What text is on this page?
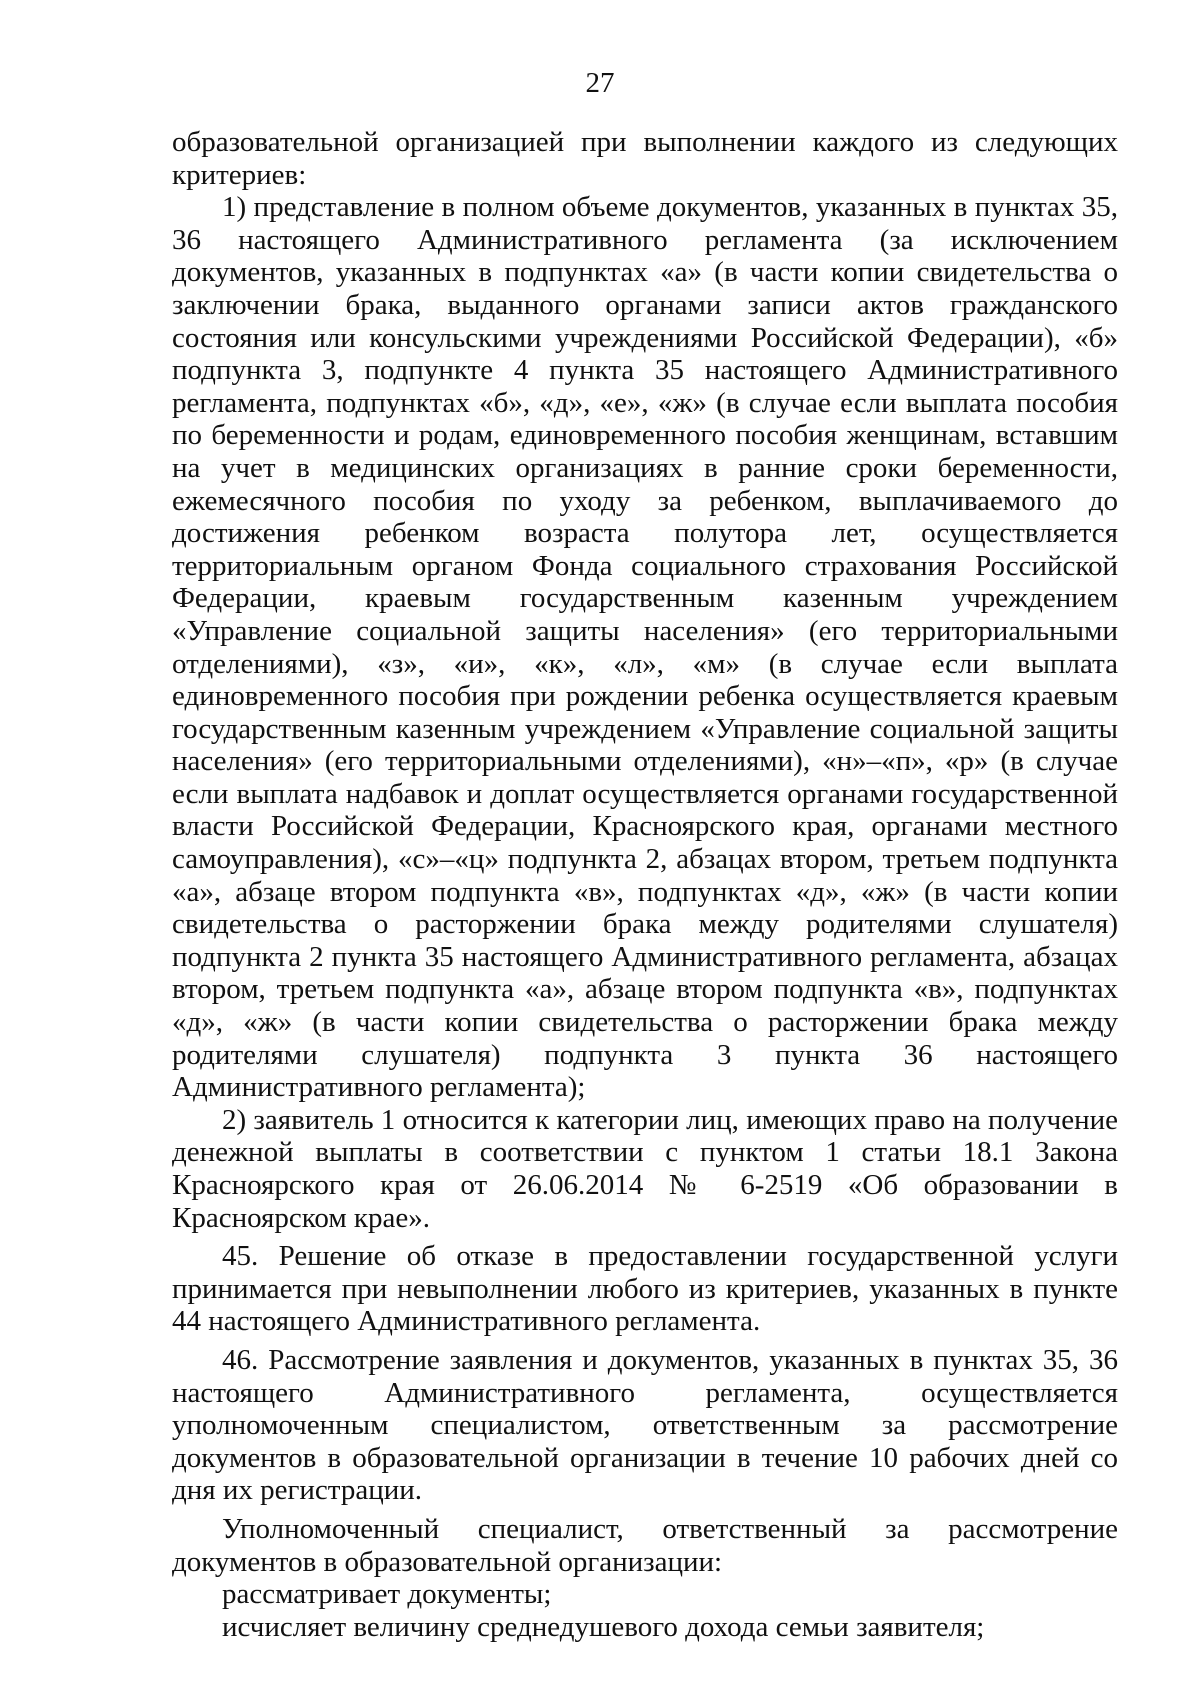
27

образовательной организацией при выполнении каждого из следующих критериев:

1) представление в полном объеме документов, указанных в пунктах 35, 36 настоящего Административного регламента (за исключением документов, указанных в подпунктах «а» (в части копии свидетельства о заключении брака, выданного органами записи актов гражданского состояния или консульскими учреждениями Российской Федерации), «б» подпункта 3, подпункте 4 пункта 35 настоящего Административного регламента, подпунктах «б», «д», «е», «ж» (в случае если выплата пособия по беременности и родам, единовременного пособия женщинам, вставшим на учет в медицинских организациях в ранние сроки беременности, ежемесячного пособия по уходу за ребенком, выплачиваемого до достижения ребенком возраста полутора лет, осуществляется территориальным органом Фонда социального страхования Российской Федерации, краевым государственным казенным учреждением «Управление социальной защиты населения» (его территориальными отделениями), «з», «и», «к», «л», «м» (в случае если выплата единовременного пособия при рождении ребенка осуществляется краевым государственным казенным учреждением «Управление социальной защиты населения» (его территориальными отделениями), «н»–«п», «р» (в случае если выплата надбавок и доплат осуществляется органами государственной власти Российской Федерации, Красноярского края, органами местного самоуправления), «с»–«ц» подпункта 2, абзацах втором, третьем подпункта «а», абзаце втором подпункта «в», подпунктах «д», «ж» (в части копии свидетельства о расторжении брака между родителями слушателя) подпункта 2 пункта 35 настоящего Административного регламента, абзацах втором, третьем подпункта «а», абзаце втором подпункта «в», подпунктах «д», «ж» (в части копии свидетельства о расторжении брака между родителями слушателя) подпункта 3 пункта 36 настоящего Административного регламента);

2) заявитель 1 относится к категории лиц, имеющих право на получение денежной выплаты в соответствии с пунктом 1 статьи 18.1 Закона Красноярского края от 26.06.2014 № 6-2519 «Об образовании в Красноярском крае».

45. Решение об отказе в предоставлении государственной услуги принимается при невыполнении любого из критериев, указанных в пункте 44 настоящего Административного регламента.

46. Рассмотрение заявления и документов, указанных в пунктах 35, 36 настоящего Административного регламента, осуществляется уполномоченным специалистом, ответственным за рассмотрение документов в образовательной организации в течение 10 рабочих дней со дня их регистрации.

Уполномоченный специалист, ответственный за рассмотрение документов в образовательной организации:

рассматривает документы;

исчисляет величину среднедушевого дохода семьи заявителя;
